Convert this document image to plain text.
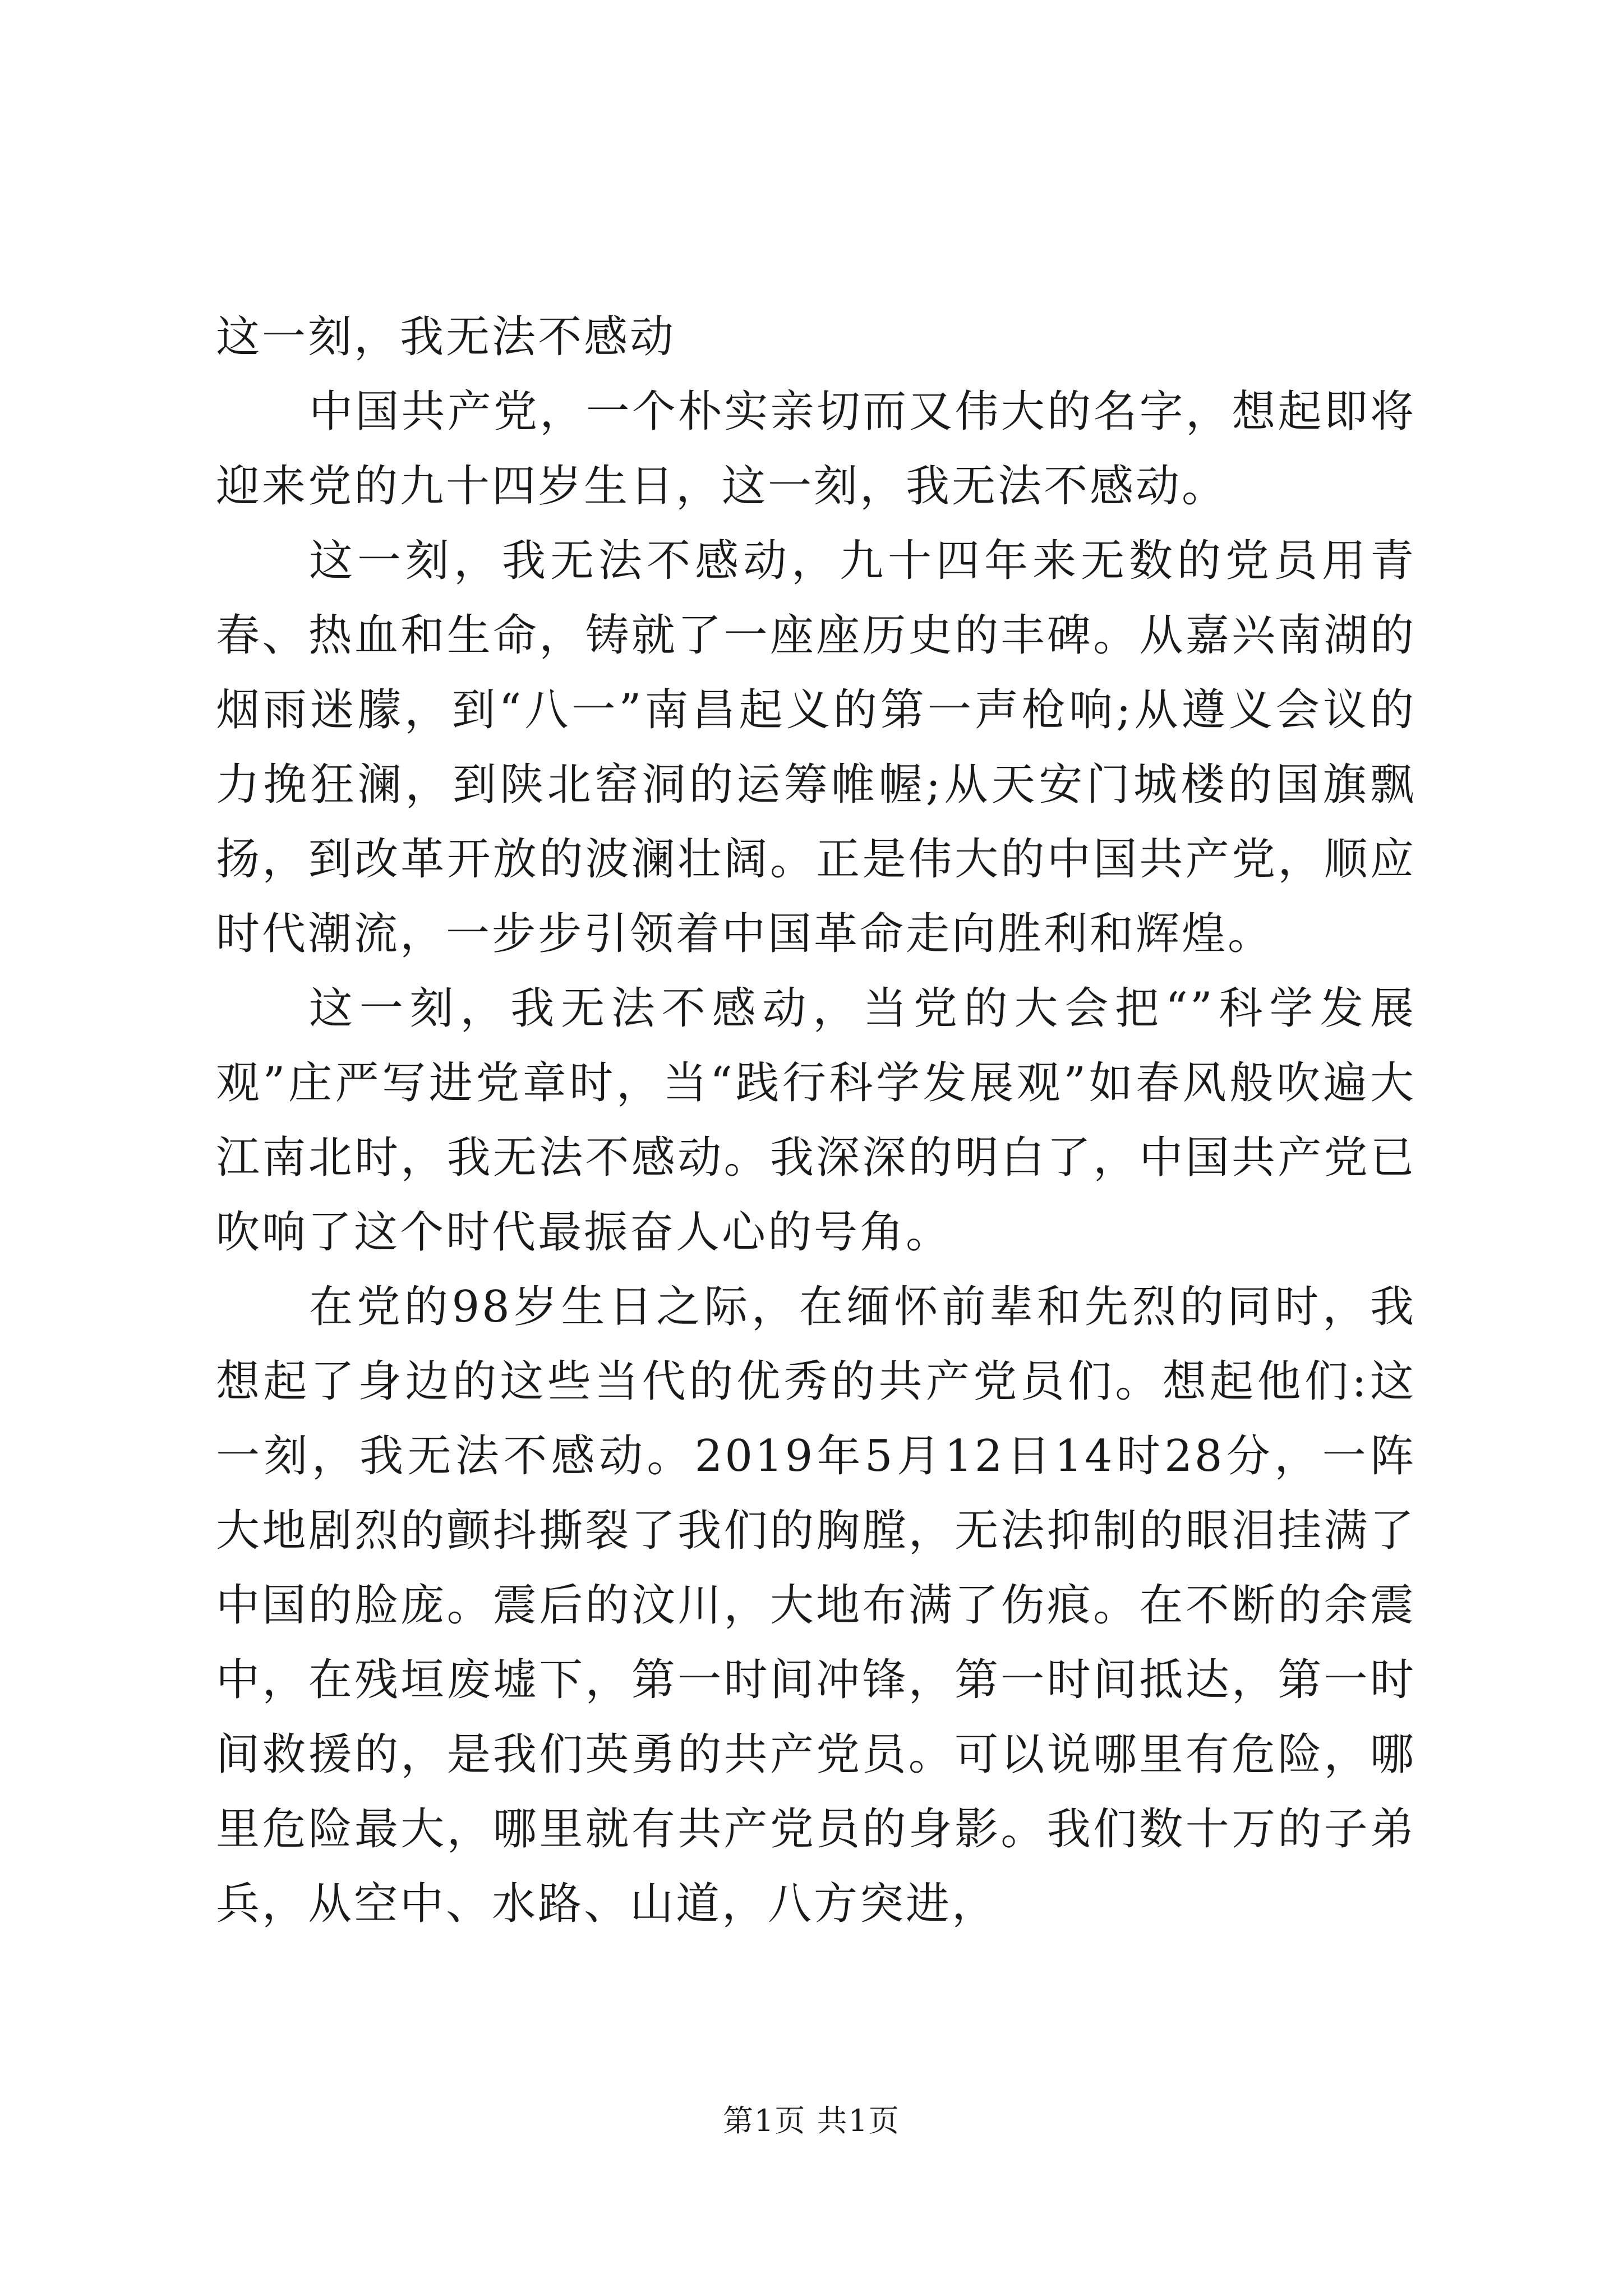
这一刻，我无法不感动

中国共产党，一个朴实亲切而又伟大的名字，想起即将迎来党的九十四岁生日，这一刻，我无法不感动。

这一刻，我无法不感动，九十四年来无数的党员用青春、热血和生命，铸就了一座座历史的丰碑。从嘉兴南湖的烟雨迷朦，到“八一”南昌起义的第一声枪响;从遵义会议的力挽狂澜，到陕北窑洞的运筹帷幄;从天安门城楼的国旗飘扬，到改革开放的波澜壮阔。正是伟大的中国共产党，顺应时代潮流，一步步引领着中国革命走向胜利和辉煌。

这一刻，我无法不感动，当党的大会把“”科学发展观”庄严写进党章时，当“践行科学发展观”如春风般吹遍大江南北时，我无法不感动。我深深的明白了，中国共产党已吹响了这个时代最振奋人心的号角。

在党的98岁生日之际，在缅怀前辈和先烈的同时，我想起了身边的这些当代的优秀的共产党员们。想起他们:这一刻，我无法不感动。2019年5月12日14时28分，一阵大地剧烈的颤抖撕裂了我们的胸膛，无法抑制的眼泪挂满了中国的脸庞。震后的汶川，大地布满了伤痕。在不断的余震中，在残垣废墟下，第一时间冲锋，第一时间抵达，第一时间救援的，是我们英勇的共产党员。可以说哪里有危险，哪里危险最大，哪里就有共产党员的身影。我们数十万的子弟兵，从空中、水路、山道，八方突进，

第1页 共1页
